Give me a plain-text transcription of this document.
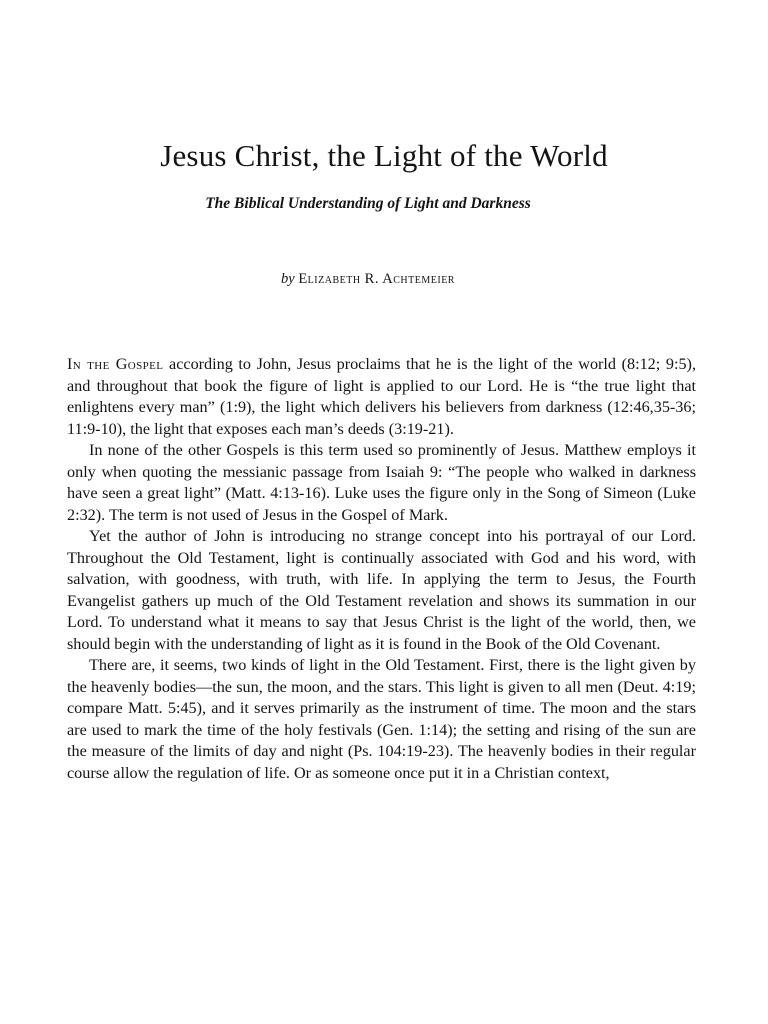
Jesus Christ, the Light of the World
The Biblical Understanding of Light and Darkness
by Elizabeth R. Achtemeier

In the Gospel according to John, Jesus proclaims that he is the light of the world (8:12; 9:5), and throughout that book the figure of light is applied to our Lord. He is “the true light that enlightens every man” (1:9), the light which delivers his believers from darkness (12:46,35-36; 11:9-10), the light that exposes each man’s deeds (3:19-21).

In none of the other Gospels is this term used so prominently of Jesus. Matthew employs it only when quoting the messianic passage from Isaiah 9: “The people who walked in darkness have seen a great light” (Matt. 4:13-16). Luke uses the figure only in the Song of Simeon (Luke 2:32). The term is not used of Jesus in the Gospel of Mark.

Yet the author of John is introducing no strange concept into his portrayal of our Lord. Throughout the Old Testament, light is continually associated with God and his word, with salvation, with goodness, with truth, with life. In applying the term to Jesus, the Fourth Evangelist gathers up much of the Old Testament revelation and shows its summation in our Lord. To understand what it means to say that Jesus Christ is the light of the world, then, we should begin with the understanding of light as it is found in the Book of the Old Covenant.

There are, it seems, two kinds of light in the Old Testament. First, there is the light given by the heavenly bodies—the sun, the moon, and the stars. This light is given to all men (Deut. 4:19; compare Matt. 5:45), and it serves primarily as the instrument of time. The moon and the stars are used to mark the time of the holy festivals (Gen. 1:14); the setting and rising of the sun are the measure of the limits of day and night (Ps. 104:19-23). The heavenly bodies in their regular course allow the regulation of life. Or as someone once put it in a Christian context,
